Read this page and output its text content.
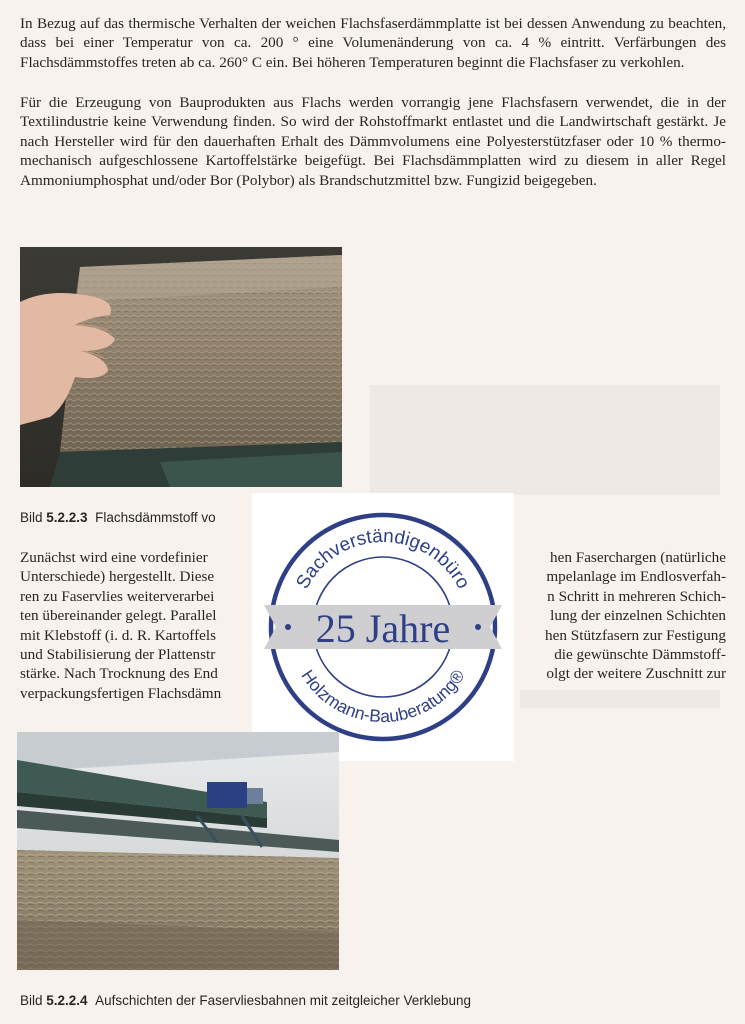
In Bezug auf das thermische Verhalten der weichen Flachsfaserdämmplatte ist bei dessen Anwendung zu beachten, dass bei einer Temperatur von ca. 200 ° eine Volumenänderung von ca. 4 % eintritt. Verfärbungen des Flachsdämmstoffes treten ab ca. 260° C ein. Bei höheren Temperaturen beginnt die Flachsfaser zu verkohlen.

Für die Erzeugung von Bauprodukten aus Flachs werden vorrangig jene Flachsfasern verwendet, die in der Textilindustrie keine Verwendung finden. So wird der Rohstoffmarkt entlastet und die Landwirtschaft gestärkt. Je nach Hersteller wird für den dauerhaften Erhalt des Dämmvolumens eine Polyesterstützfaser oder 10 % thermo-mechanisch aufgeschlossene Kartoffelstärke beigefügt. Bei Flachsdämmplatten wird zu diesem in aller Regel Ammoniumphosphat und/oder Bor (Polybor) als Brandschutzmittel bzw. Fungizid beigegeben.

Bild 5.2.2.3 Flachsdämmstoff vo
Zunächst wird eine vordefinier
Unterschiede) hergestellt. Diese
ren zu Faservlies weiterverarbei
ten übereinander gelegt. Parallel
mit Klebstoff (i. d. R. Kartoffels
und Stabilisierung der Plattenstr
stärke. Nach Trocknung des End
verpackungsfertigen Flachsdämn
hen Faserchargen (natürliche
mpelanlage im Endlosverfah-
n Schritt in mehreren Schich-
lung der einzelnen Schichten
hen Stützfasern zur Festigung
die gewünschte Dämmstoff-
olgt der weitere Zuschnitt zur
Sachverständigenbüro
Holzmann-Bauberatung®
25 Jahre
Bild 5.2.2.4 Aufschichten der Faservliesbahnen mit zeitgleicher Verklebung
